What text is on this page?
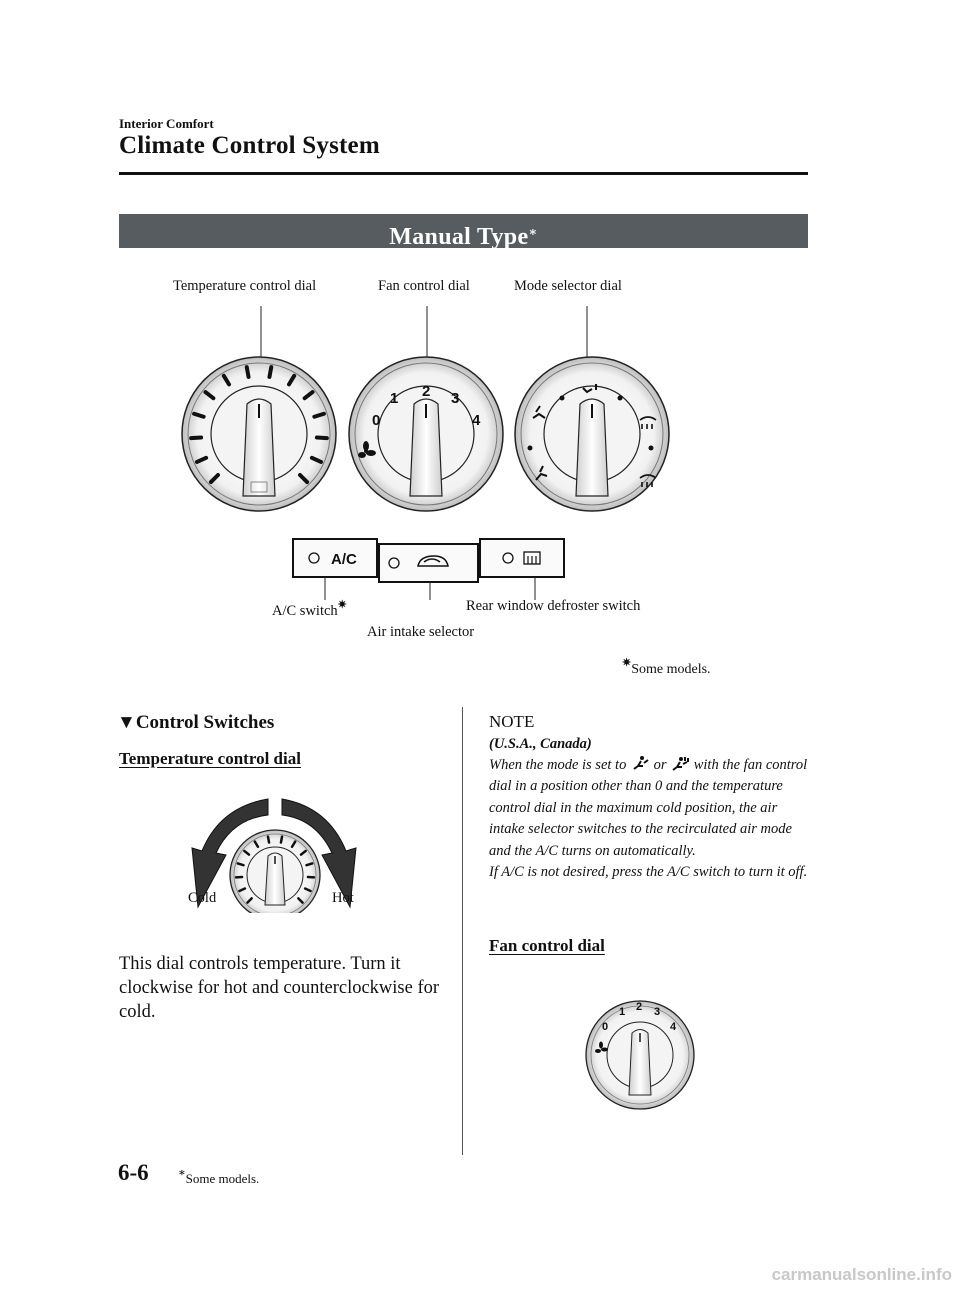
Interior Comfort
Climate Control System
Manual Type∗
Temperature control dial	Fan control dial	Mode selector dial
0
1 2 3
4
A/C
A/C switch✷	Rear window defroster switch
Air intake selector
✷Some models.
▼Control Switches
Temperature control dial
Cold	Hot
This dial controls temperature. Turn it clockwise for hot and counterclockwise for cold.
NOTE
(U.S.A., Canada)
When the mode is set to or with the fan control dial in a position other than 0 and the temperature control dial in the maximum cold position, the air intake selector switches to the recirculated air mode and the A/C turns on automatically.
If A/C is not desired, press the A/C switch to turn it off.
Fan control dial
0
1 2 3
4
6-6	∗Some models.
carmanualsonline.info
